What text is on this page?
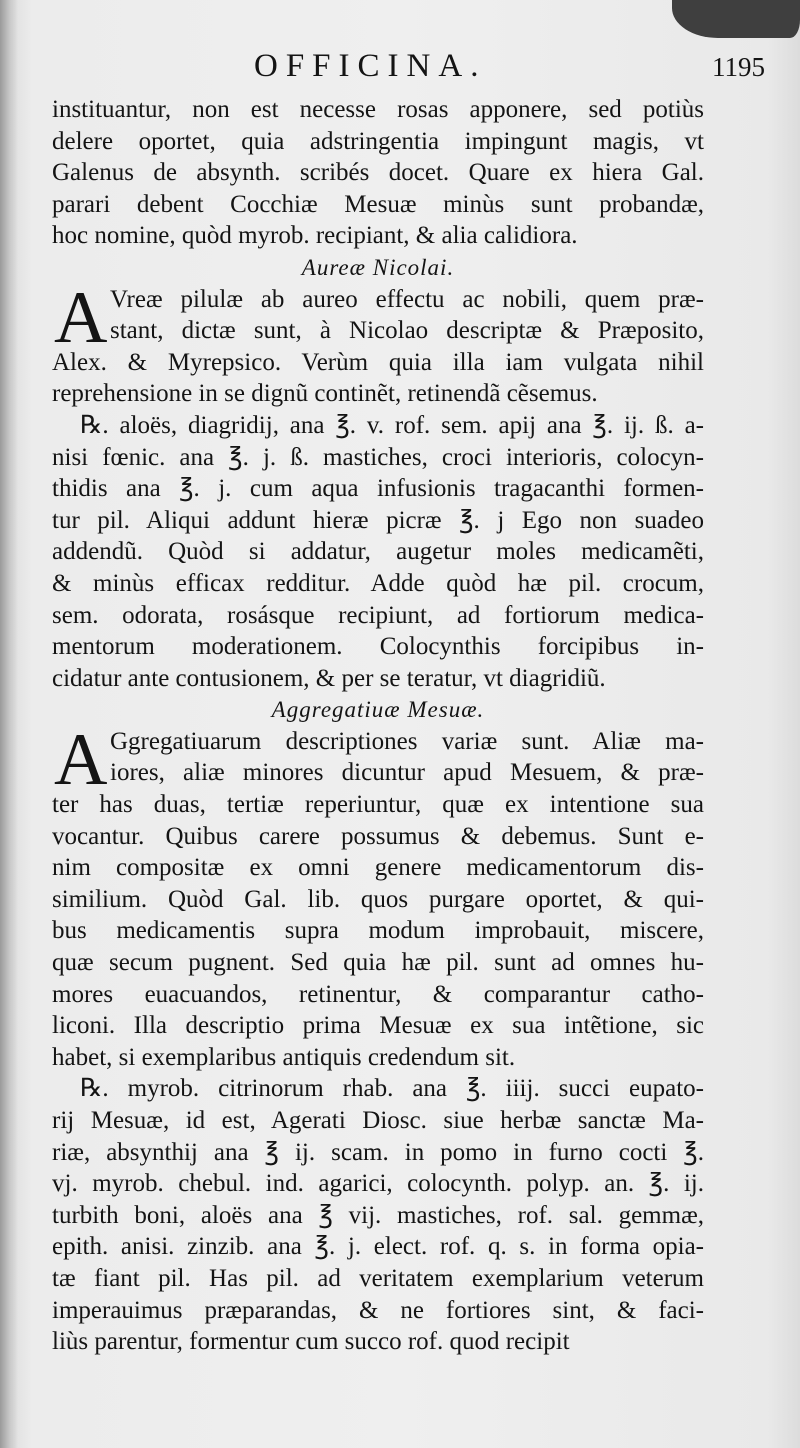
OFFICINA.	1195
instituantur, non est necesse rosas apponere, sed potiùs
delere oportet, quia adstringentia impingunt magis, vt
Galenus de absynth. scribés docet. Quare ex hiera Gal.
parari debent Cocchiæ Mesuæ minùs sunt probandæ,
hoc nomine, quòd myrob. recipiant, & alia calidiora.
Aureæ Nicolai.
A Vreæ pilulæ ab aureo effectu ac nobili, quem præ-
stant, dictæ sunt, à Nicolao descriptæ & Præposito,
Alex. & Myrepsico. Verùm quia illa iam vulgata nihil
reprehensione in se dignũ continẽt, retinendã cẽsemus.
℞. aloës, diagridij, ana ℥. v. rof. sem. apij ana ℥. ij. ß. a-
nisi fœnic. ana ℥. j. ß. mastiches, croci interioris, colocyn-
thidis ana ℥. j. cum aqua infusionis tragacanthi formen-
tur pil. Aliqui addunt hieræ picræ ℥. j Ego non suadeo
addendũ. Quòd si addatur, augetur moles medicamẽti,
& minùs efficax redditur. Adde quòd hæ pil. crocum,
sem. odorata, rosásque recipiunt, ad fortiorum medica-
mentorum moderationem. Colocynthis forcipibus in-
cidatur ante contusionem, & per se teratur, vt diagridiũ.
Aggregatiuæ Mesuæ.
A Ggregatiuarum descriptiones variæ sunt. Aliæ ma-
iores, aliæ minores dicuntur apud Mesuem, & præ-
ter has duas, tertiæ reperiuntur, quæ ex intentione sua
vocantur. Quibus carere possumus & debemus. Sunt e-
nim compositæ ex omni genere medicamentorum dis-
similium. Quòd Gal. lib. quos purgare oportet, & qui-
bus medicamentis supra modum improbauit, miscere,
quæ secum pugnent. Sed quia hæ pil. sunt ad omnes hu-
mores euacuandos, retinentur, & comparantur catho-
liconi. Illa descriptio prima Mesuæ ex sua intẽtione, sic
habet, si exemplaribus antiquis credendum sit.
℞. myrob. citrinorum rhab. ana ℥. iiij. succi eupato-
rij Mesuæ, id est, Agerati Diosc. siue herbæ sanctæ Ma-
riæ, absynthij ana ℥ ij. scam. in pomo in furno cocti ℥.
vj. myrob. chebul. ind. agarici, colocynth. polyp. an. ℥. ij.
turbith boni, aloës ana ℥ vij. mastiches, rof. sal. gemmæ,
epith. anisi. zinzib. ana ℥. j. elect. rof. q. s. in forma opia-
tæ fiant pil. Has pil. ad veritatem exemplarium veterum
imperauimus præparandas, & ne fortiores sint, & faci-
liùs parentur, formentur cum succo rof. quod recipit
